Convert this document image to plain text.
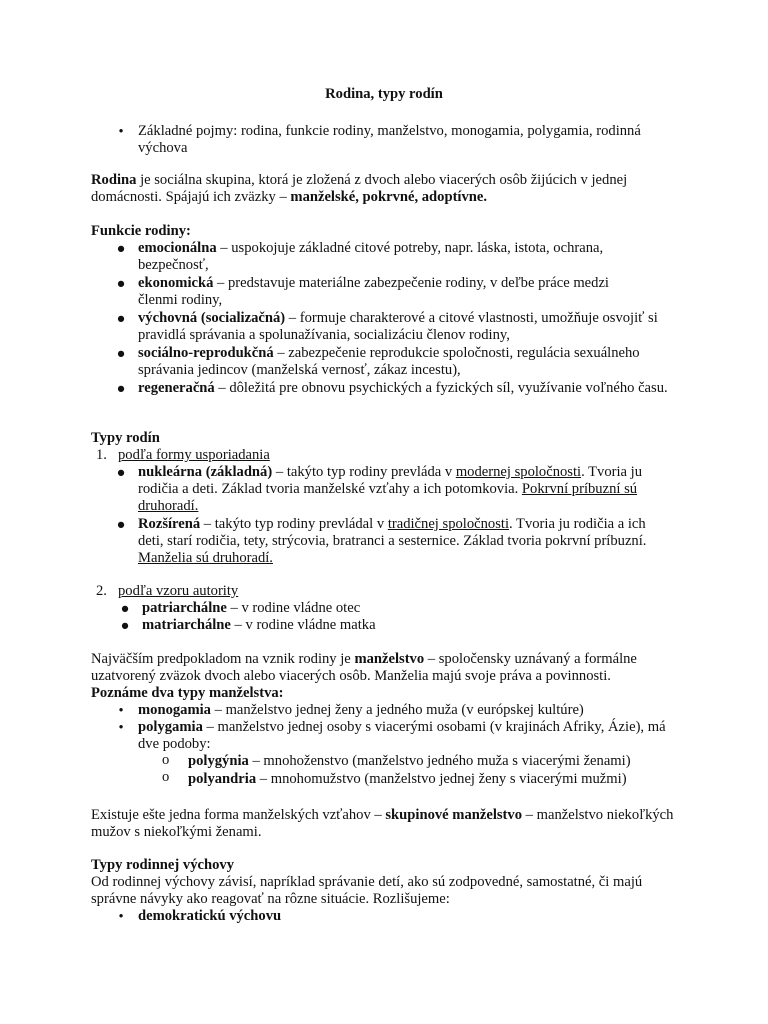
Rodina, typy rodín
• Základné pojmy: rodina, funkcie rodiny, manželstvo, monogamia, polygamia, rodinná výchova
Rodina je sociálna skupina, ktorá je zložená z dvoch alebo viacerých osôb žijúcich v jednej domácnosti. Spájajú ich zväzky – manželské, pokrvné, adoptívne.
Funkcie rodiny:
● emocionálna – uspokojuje základné citové potreby, napr. láska, istota, ochrana, bezpečnosť,
● ekonomická – predstavuje materiálne zabezpečenie rodiny, v deľbe práce medzi členmi rodiny,
● výchovná (socializačná) – formuje charakterové a citové vlastnosti, umožňuje osvojiť si pravidlá správania a spolunažívania, socializáciu členov rodiny,
● sociálno-reprodukčná – zabezpečenie reprodukcie spoločnosti, regulácia sexuálneho správania jedincov (manželská vernosť, zákaz incestu),
● regeneračná – dôležitá pre obnovu psychických a fyzických síl, využívanie voľného času.
Typy rodín
1. podľa formy usporiadania
● nukleárna (základná) – takýto typ rodiny prevláda v modernej spoločnosti. Tvoria ju rodičia a deti. Základ tvoria manželské vzťahy a ich potomkovia. Pokrvní príbuzní sú druhoradí.
● Rozšírená – takýto typ rodiny prevládal v tradičnej spoločnosti. Tvoria ju rodičia a ich deti, starí rodičia, tety, strýcovia, bratranci a sesternice. Základ tvoria pokrvní príbuzní. Manželia sú druhoradí.
2. podľa vzoru autority
● patriarchálne – v rodine vládne otec
● matriarchálne – v rodine vládne matka
Najväčším predpokladom na vznik rodiny je manželstvo – spoločensky uznávaný a formálne uzatvorený zväzok dvoch alebo viacerých osôb. Manželia majú svoje práva a povinnosti.
Poznáme dva typy manželstva:
• monogamia – manželstvo jednej ženy a jedného muža (v európskej kultúre)
• polygamia – manželstvo jednej osoby s viacerými osobami (v krajinách Afriky, Ázie), má dve podoby:
o polygýnia – mnohoženstvo (manželstvo jedného muža s viacerými ženami)
o polyandria – mnohomužstvo (manželstvo jednej ženy s viacerými mužmi)
Existuje ešte jedna forma manželských vzťahov – skupinové manželstvo – manželstvo niekoľkých mužov s niekoľkými ženami.
Typy rodinnej výchovy
Od rodinnej výchovy závisí, napríklad správanie detí, ako sú zodpovedné, samostatné, či majú správne návyky ako reagovať na rôzne situácie. Rozlišujeme:
• demokratickú výchovu
